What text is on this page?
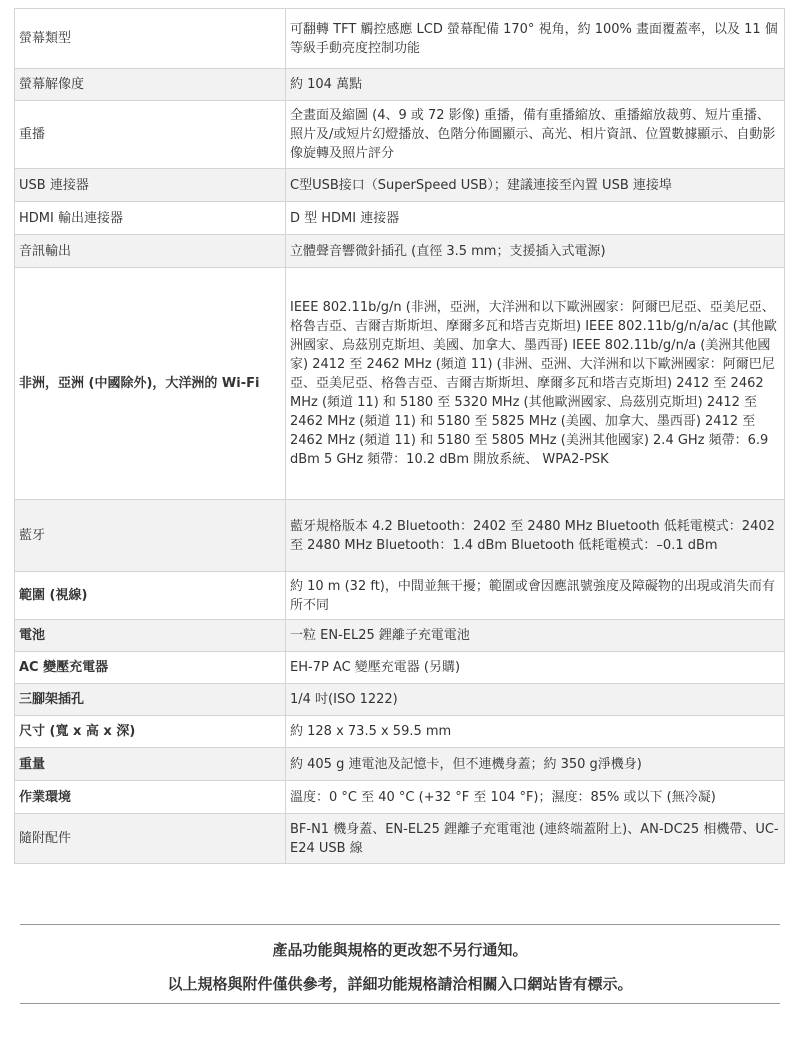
螢幕類型	可翻轉 TFT 觸控感應 LCD 螢幕配備 170° 視角，約 100% 畫面覆蓋率，以及 11 個等級手動亮度控制功能
螢幕解像度	約 104 萬點
重播	全畫面及縮圖 (4、9 或 72 影像) 重播，備有重播縮放、重播縮放裁剪、短片重播、照片及/或短片幻燈播放、色階分佈圖顯示、高光、相片資訊、位置數據顯示、自動影像旋轉及照片評分
USB 連接器	C型USB接口（SuperSpeed USB）；建議連接至內置 USB 連接埠
HDMI 輸出連接器	D 型 HDMI 連接器
音訊輸出	立體聲音響微針插孔 (直徑 3.5 mm；支援插入式電源)
非洲，亞洲 (中國除外)，大洋洲的 Wi-Fi	IEEE 802.11b/g/n (非洲，亞洲，大洋洲和以下歐洲國家：阿爾巴尼亞、亞美尼亞、格魯吉亞、吉爾吉斯斯坦、摩爾多瓦和塔吉克斯坦) IEEE 802.11b/g/n/a/ac (其他歐洲國家、烏茲別克斯坦、美國、加拿大、墨西哥) IEEE 802.11b/g/n/a (美洲其他國家) 2412 至 2462 MHz (頻道 11) (非洲、亞洲、大洋洲和以下歐洲國家：阿爾巴尼亞、亞美尼亞、格魯吉亞、吉爾吉斯斯坦、摩爾多瓦和塔吉克斯坦) 2412 至 2462 MHz (頻道 11) 和 5180 至 5320 MHz (其他歐洲國家、烏茲別克斯坦) 2412 至 2462 MHz (頻道 11) 和 5180 至 5825 MHz (美國、加拿大、墨西哥) 2412 至 2462 MHz (頻道 11) 和 5180 至 5805 MHz (美洲其他國家) 2.4 GHz 頻帶：6.9 dBm 5 GHz 頻帶：10.2 dBm 開放系統、 WPA2-PSK
藍牙	藍牙規格版本 4.2 Bluetooth：2402 至 2480 MHz Bluetooth 低耗電模式：2402 至 2480 MHz Bluetooth：1.4 dBm Bluetooth 低耗電模式：–0.1 dBm
範圍 (視線)	約 10 m (32 ft)，中間並無干擾；範圍或會因應訊號強度及障礙物的出現或消失而有所不同
電池	一粒 EN-EL25 鋰離子充電電池
AC 變壓充電器	EH-7P AC 變壓充電器 (另購)
三腳架插孔	1/4 吋(ISO 1222)
尺寸 (寬 x 高 x 深)	約 128 x 73.5 x 59.5 mm
重量	約 405 g 連電池及記憶卡，但不連機身蓋；約 350 g淨機身)
作業環境	溫度：0 °C 至 40 °C (+32 °F 至 104 °F)；濕度：85% 或以下 (無冷凝)
隨附配件	BF-N1 機身蓋、EN-EL25 鋰離子充電電池 (連終端蓋附上)、AN-DC25 相機帶、UC-E24 USB 線
產品功能與規格的更改恕不另行通知。
以上規格與附件僅供參考，詳細功能規格請洽相關入口網站皆有標示。
